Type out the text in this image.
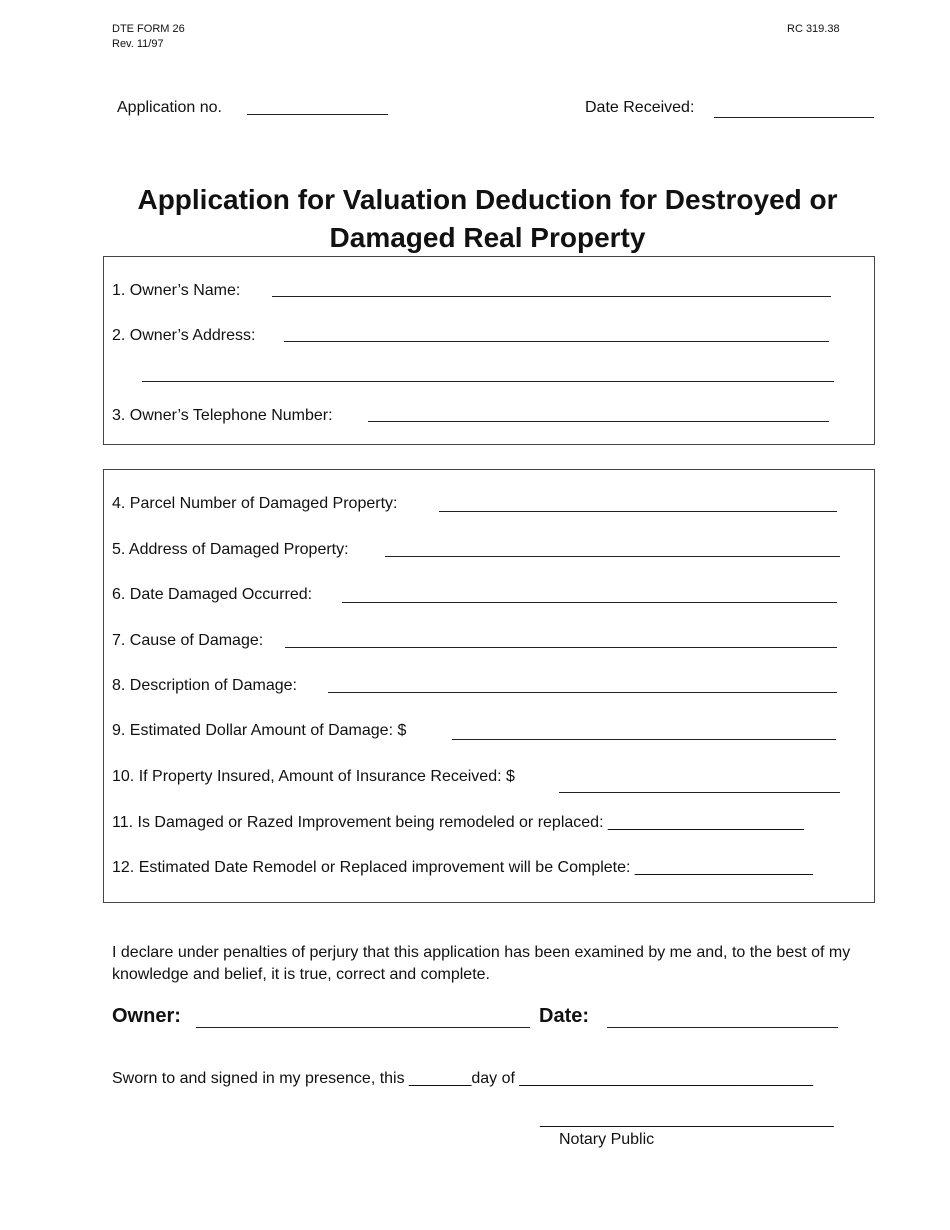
DTE FORM 26
Rev. 11/97
RC 319.38
Application no.	Date Received:
Application for Valuation Deduction for Destroyed or
Damaged Real Property
1. Owner’s Name:
2. Owner’s Address:
3. Owner’s Telephone Number:
4. Parcel Number of Damaged Property:
5. Address of Damaged Property:
6. Date Damaged Occurred:
7. Cause of Damage:
8. Description of Damage:
9. Estimated Dollar Amount of Damage: $
10. If Property Insured, Amount of Insurance Received: $
11. Is Damaged or Razed Improvement being remodeled or replaced: ______________________
12. Estimated Date Remodel or Replaced improvement will be Complete: ____________________
I declare under penalties of perjury that this application has been examined by me and, to the best of my knowledge and belief, it is true, correct and complete.
Owner:	Date:
Sworn to and signed in my presence, this _______day of _________________________________
_________________________________
Notary Public
